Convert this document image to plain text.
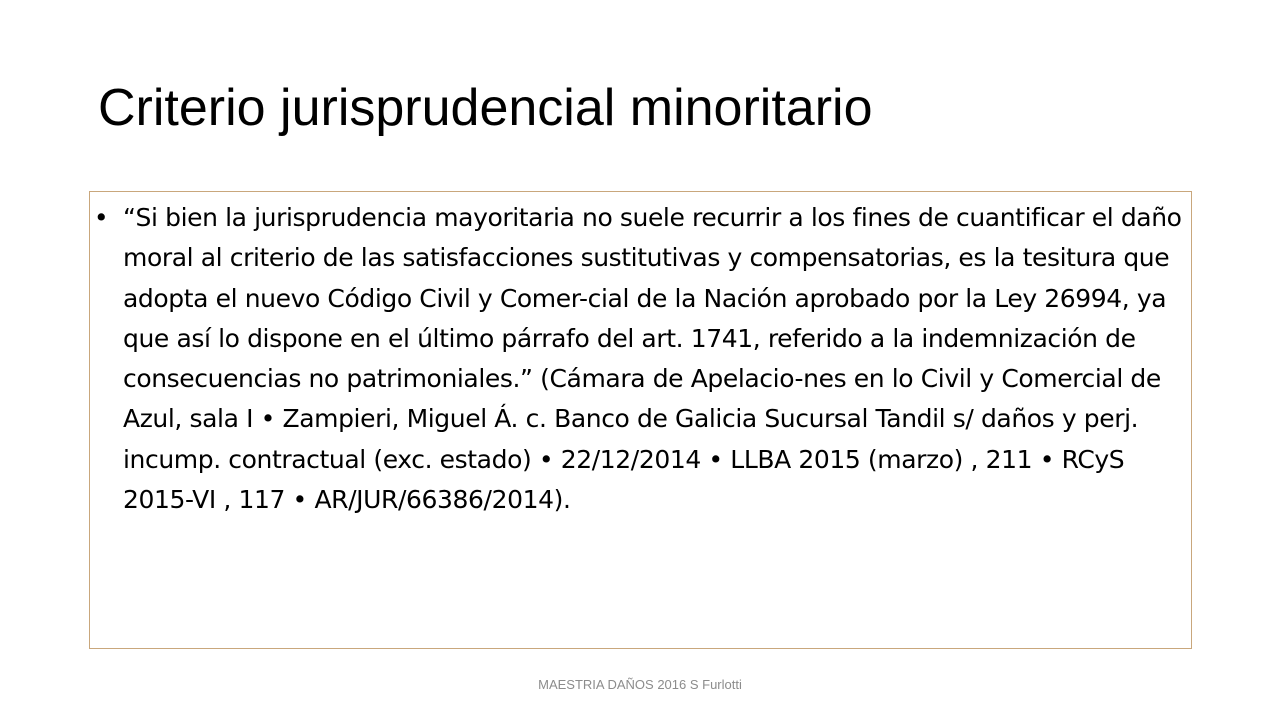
Criterio jurisprudencial minoritario
• “Si bien la jurisprudencia mayoritaria no suele recurrir a los fines de cuantificar el daño moral al criterio de las satisfacciones sustitutivas y compensatorias, es la tesitura que adopta el nuevo Código Civil y Comer-cial de la Nación aprobado por la Ley 26994, ya que así lo dispone en el último párrafo del art. 1741, referido a la indemnización de consecuencias no patrimoniales.” (Cámara de Apelacio-nes en lo Civil y Comercial de Azul, sala I • Zampieri, Miguel Á. c. Banco de Galicia Sucursal Tandil s/ daños y perj. incump. contractual (exc. estado) • 22/12/2014 • LLBA 2015 (marzo) , 211 • RCyS 2015-VI , 117 • AR/JUR/66386/2014).
MAESTRIA DAÑOS 2016 S Furlotti
